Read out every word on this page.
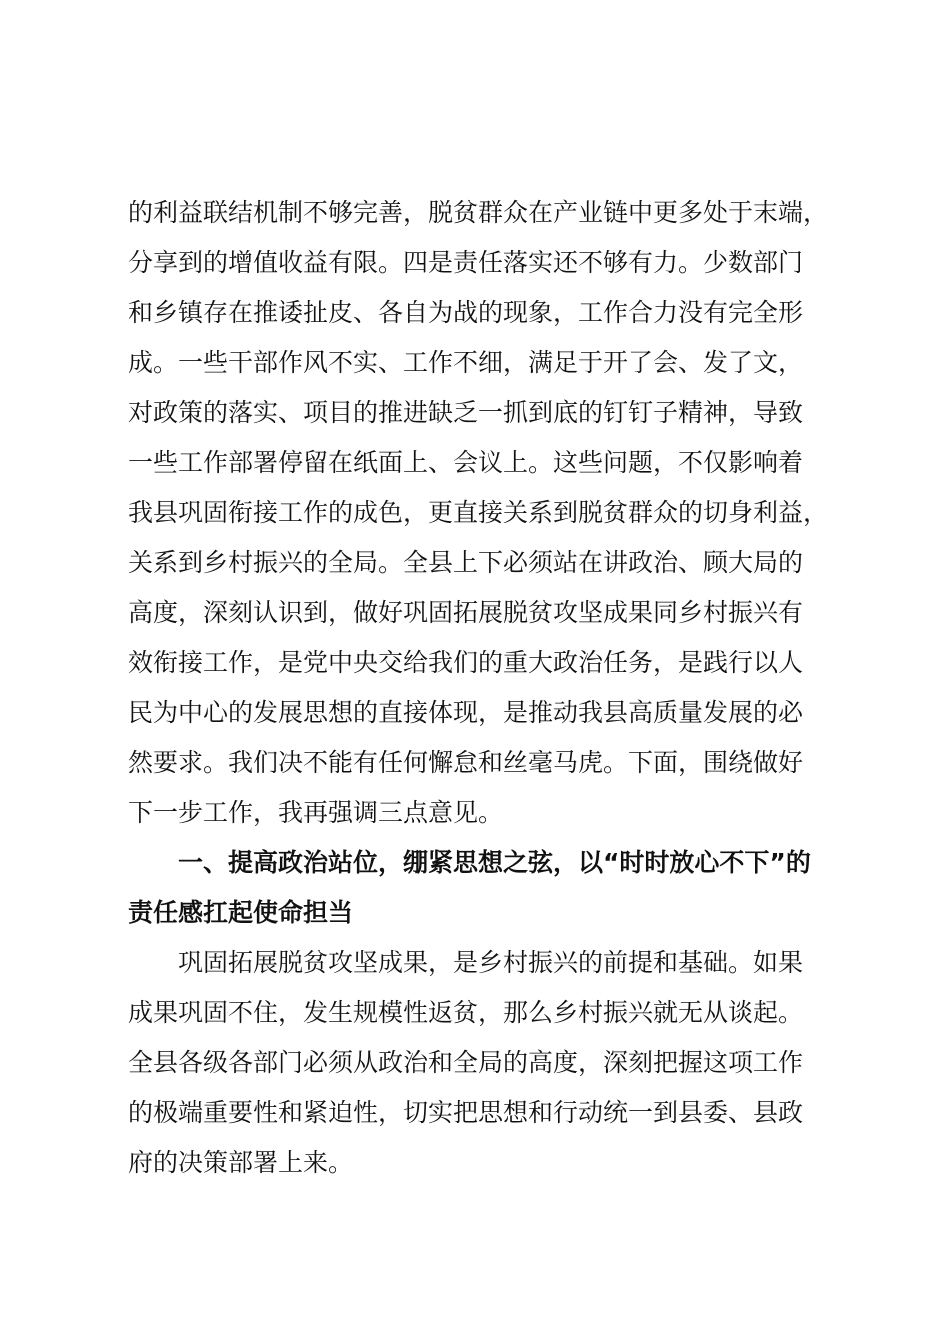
的利益联结机制不够完善，脱贫群众在产业链中更多处于末端，
分享到的增值收益有限。四是责任落实还不够有力。少数部门
和乡镇存在推诿扯皮、各自为战的现象，工作合力没有完全形
成。一些干部作风不实、工作不细，满足于开了会、发了文，
对政策的落实、项目的推进缺乏一抓到底的钉钉子精神，导致
一些工作部署停留在纸面上、会议上。这些问题，不仅影响着
我县巩固衔接工作的成色，更直接关系到脱贫群众的切身利益，
关系到乡村振兴的全局。全县上下必须站在讲政治、顾大局的
高度，深刻认识到，做好巩固拓展脱贫攻坚成果同乡村振兴有
效衔接工作，是党中央交给我们的重大政治任务，是践行以人
民为中心的发展思想的直接体现，是推动我县高质量发展的必
然要求。我们决不能有任何懈怠和丝毫马虎。下面，围绕做好
下一步工作，我再强调三点意见。
一、提高政治站位，绷紧思想之弦，以“时时放心不下”的
责任感扛起使命担当
巩固拓展脱贫攻坚成果，是乡村振兴的前提和基础。如果
成果巩固不住，发生规模性返贫，那么乡村振兴就无从谈起。
全县各级各部门必须从政治和全局的高度，深刻把握这项工作
的极端重要性和紧迫性，切实把思想和行动统一到县委、县政
府的决策部署上来。
